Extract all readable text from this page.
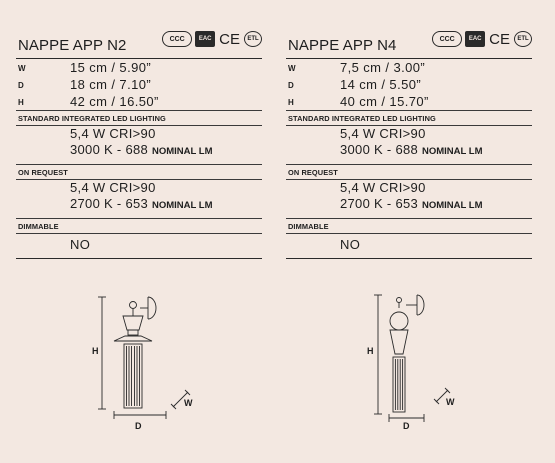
NAPPE APP N2	CCC	EAC CE	ETL
W	15 cm / 5.90”
D	18 cm / 7.10”
H	42 cm / 16.50”
STANDARD INTEGRATED LED LIGHTING
5,4 W CRI>90
3000 K - 688 NOMINAL LM
ON REQUEST
5,4 W CRI>90
2700 K - 653 NOMINAL LM
DIMMABLE
NO
NAPPE APP N4	CCC	EAC CE	ETL
W	7,5 cm / 3.00”
D	14 cm / 5.50”
H	40 cm / 15.70”
STANDARD INTEGRATED LED LIGHTING
5,4 W CRI>90
3000 K - 688 NOMINAL LM
ON REQUEST
5,4 W CRI>90
2700 K - 653 NOMINAL LM
DIMMABLE
NO
H
D
W
H
D
W
